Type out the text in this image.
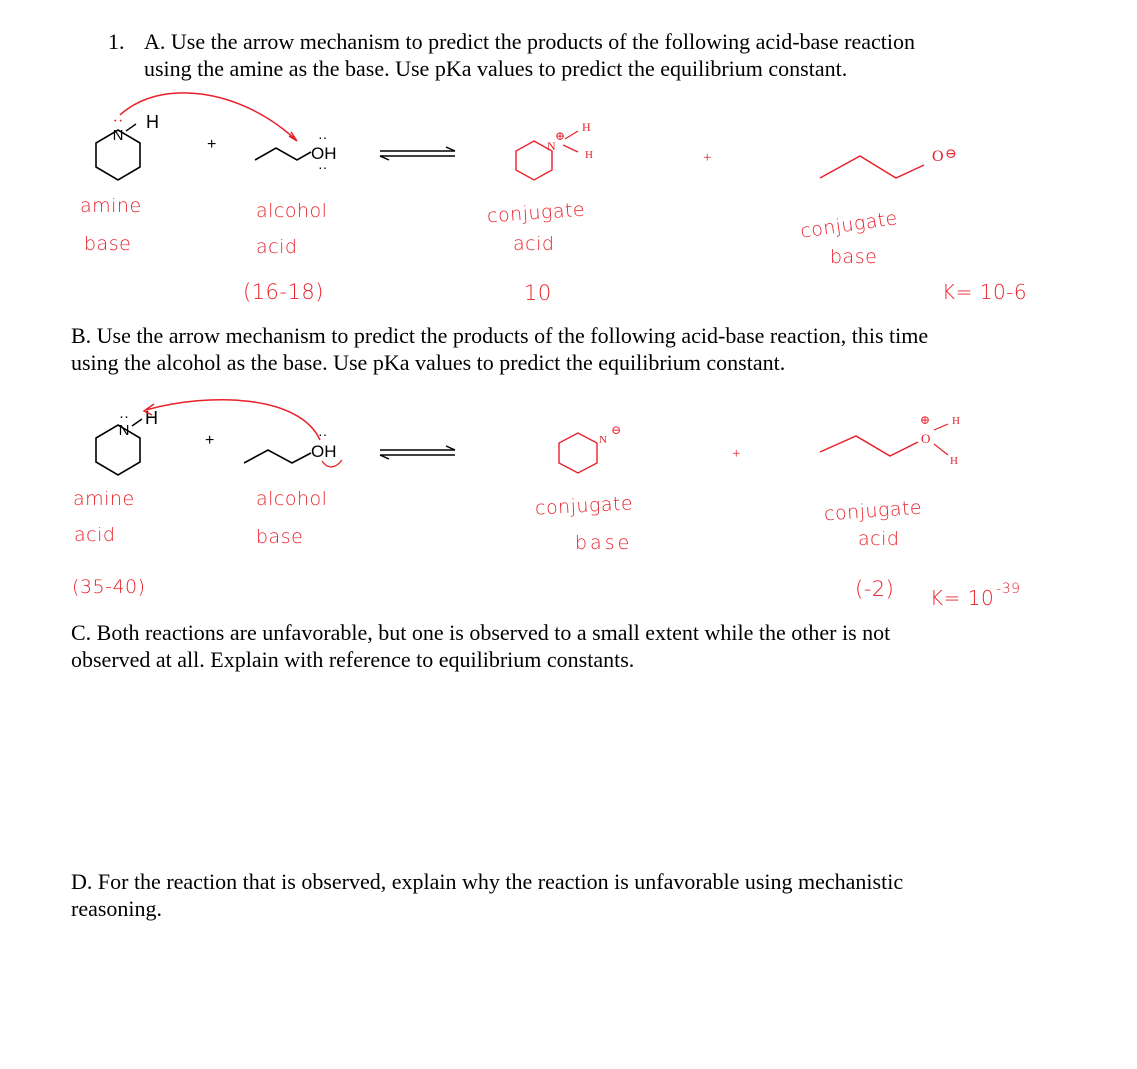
1. A. Use the arrow mechanism to predict the products of the following acid-base reaction
using the amine as the base. Use pKa values to predict the equilibrium constant.
N
·· H
+	OH
··
··
N
⊕
H
H	+	O ⊖
amine
base
alcohol
acid
(16-18)
conjugate
acid
10
conjugate
base
K= 10-6
B. Use the arrow mechanism to predict the products of the following acid-base reaction, this time
using the alcohol as the base. Use pKa values to predict the equilibrium constant.
N
·· H
+
OH
··	N
⊖
+
O
⊕ H
H
amine
acid
alcohol
base
(35-40)
conjugate
base
conjugate
acid
(-2) K= 10 $^{-39}$
C. Both reactions are unfavorable, but one is observed to a small extent while the other is not
observed at all. Explain with reference to equilibrium constants.
D. For the reaction that is observed, explain why the reaction is unfavorable using mechanistic
reasoning.
